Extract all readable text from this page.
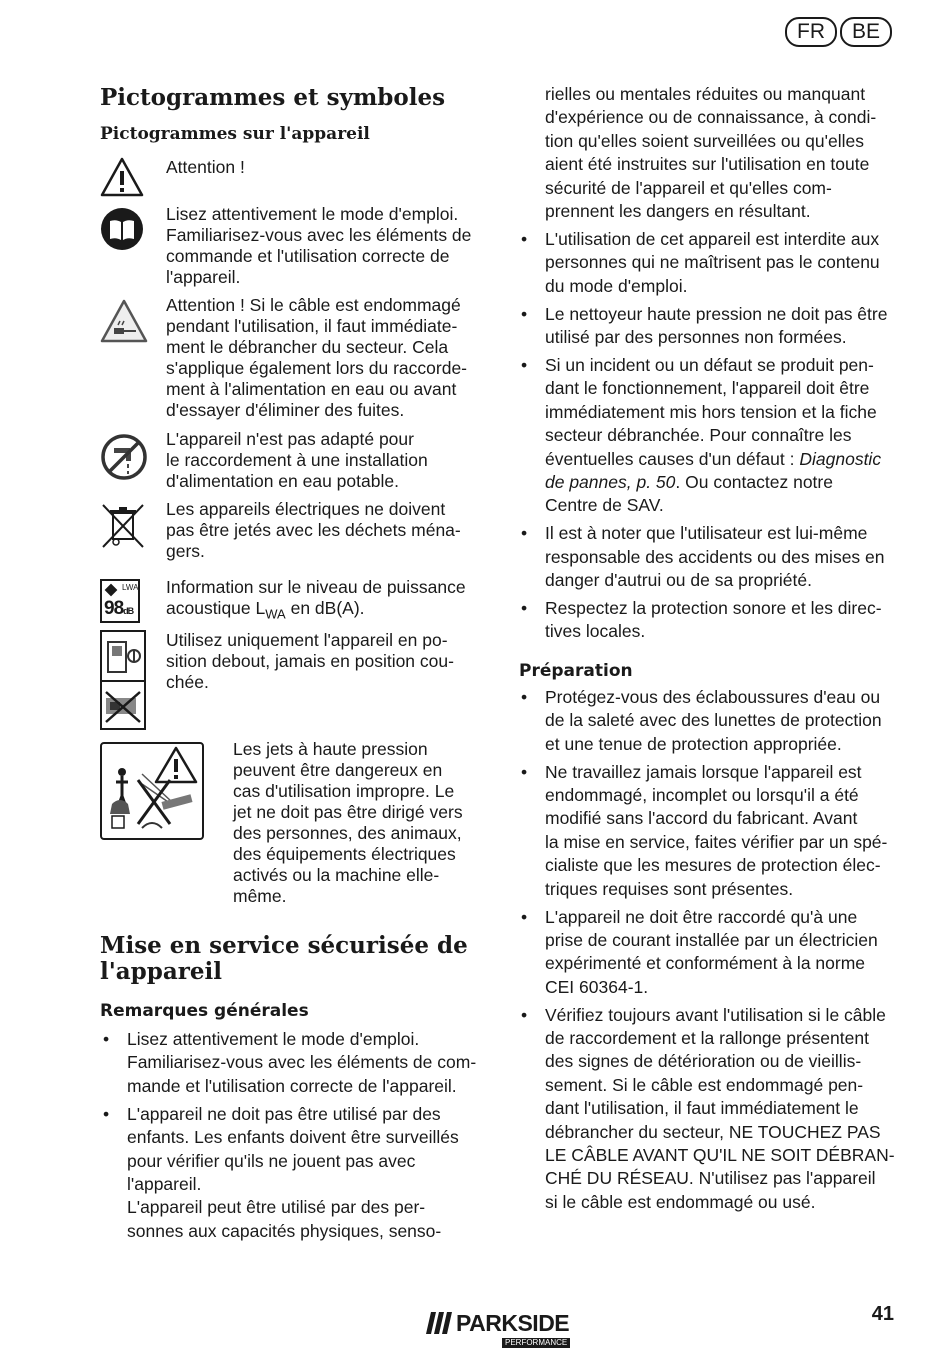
FR	BE
Pictogrammes et symboles
Pictogrammes sur l'appareil
Attention !
Lisez attentivement le mode d'emploi.
Familiarisez-vous avec les éléments de
commande et l'utilisation correcte de
l'appareil.
Attention ! Si le câble est endommagé
pendant l'utilisation, il faut immédiate-
ment le débrancher du secteur. Cela
s'applique également lors du raccorde-
ment à l'alimentation en eau ou avant
d'essayer d'éliminer des fuites.
L'appareil n'est pas adapté pour
le raccordement à une installation
d'alimentation en eau potable.
Les appareils électriques ne doivent
pas être jetés avec les déchets ména-
gers.
LWA
98dB
Information sur le niveau de puissance
acoustique $L_{WA}$ en dB(A).
Utilisez uniquement l'appareil en po-
sition debout, jamais en position cou-
chée.
Les jets à haute pression
peuvent être dangereux en
cas d'utilisation impropre. Le
jet ne doit pas être dirigé vers
des personnes, des animaux,
des équipements électriques
activés ou la machine elle-
même.
Mise en service sécurisée de
l'appareil
Remarques générales
• Lisez attentivement le mode d'emploi.
Familiarisez-vous avec les éléments de com-
mande et l'utilisation correcte de l'appareil.
• L'appareil ne doit pas être utilisé par des
enfants. Les enfants doivent être surveillés
pour vérifier qu'ils ne jouent pas avec
l'appareil.
L'appareil peut être utilisé par des per-
sonnes aux capacités physiques, senso-
rielles ou mentales réduites ou manquant
d'expérience ou de connaissance, à condi-
tion qu'elles soient surveillées ou qu'elles
aient été instruites sur l'utilisation en toute
sécurité de l'appareil et qu'elles com-
prennent les dangers en résultant.
• L'utilisation de cet appareil est interdite aux
personnes qui ne maîtrisent pas le contenu
du mode d'emploi.
• Le nettoyeur haute pression ne doit pas être
utilisé par des personnes non formées.
• Si un incident ou un défaut se produit pen-
dant le fonctionnement, l'appareil doit être
immédiatement mis hors tension et la fiche
secteur débranchée. Pour connaître les
éventuelles causes d'un défaut : Diagnostic
de pannes, p. 50. Ou contactez notre
Centre de SAV.
• Il est à noter que l'utilisateur est lui-même
responsable des accidents ou des mises en
danger d'autrui ou de sa propriété.
• Respectez la protection sonore et les direc-
tives locales.
Préparation
• Protégez-vous des éclaboussures d'eau ou
de la saleté avec des lunettes de protection
et une tenue de protection appropriée.
• Ne travaillez jamais lorsque l'appareil est
endommagé, incomplet ou lorsqu'il a été
modifié sans l'accord du fabricant. Avant
la mise en service, faites vérifier par un spé-
cialiste que les mesures de protection élec-
triques requises sont présentes.
• L'appareil ne doit être raccordé qu'à une
prise de courant installée par un électricien
expérimenté et conformément à la norme
CEI 60364-1.
• Vérifiez toujours avant l'utilisation si le câble
de raccordement et la rallonge présentent
des signes de détérioration ou de vieillis-
sement. Si le câble est endommagé pen-
dant l'utilisation, il faut immédiatement le
débrancher du secteur, NE TOUCHEZ PAS
LE CÂBLE AVANT QU'IL NE SOIT DÉBRAN-
CHÉ DU RÉSEAU. N'utilisez pas l'appareil
si le câble est endommagé ou usé.
PARKSIDE
PERFORMANCE
41
